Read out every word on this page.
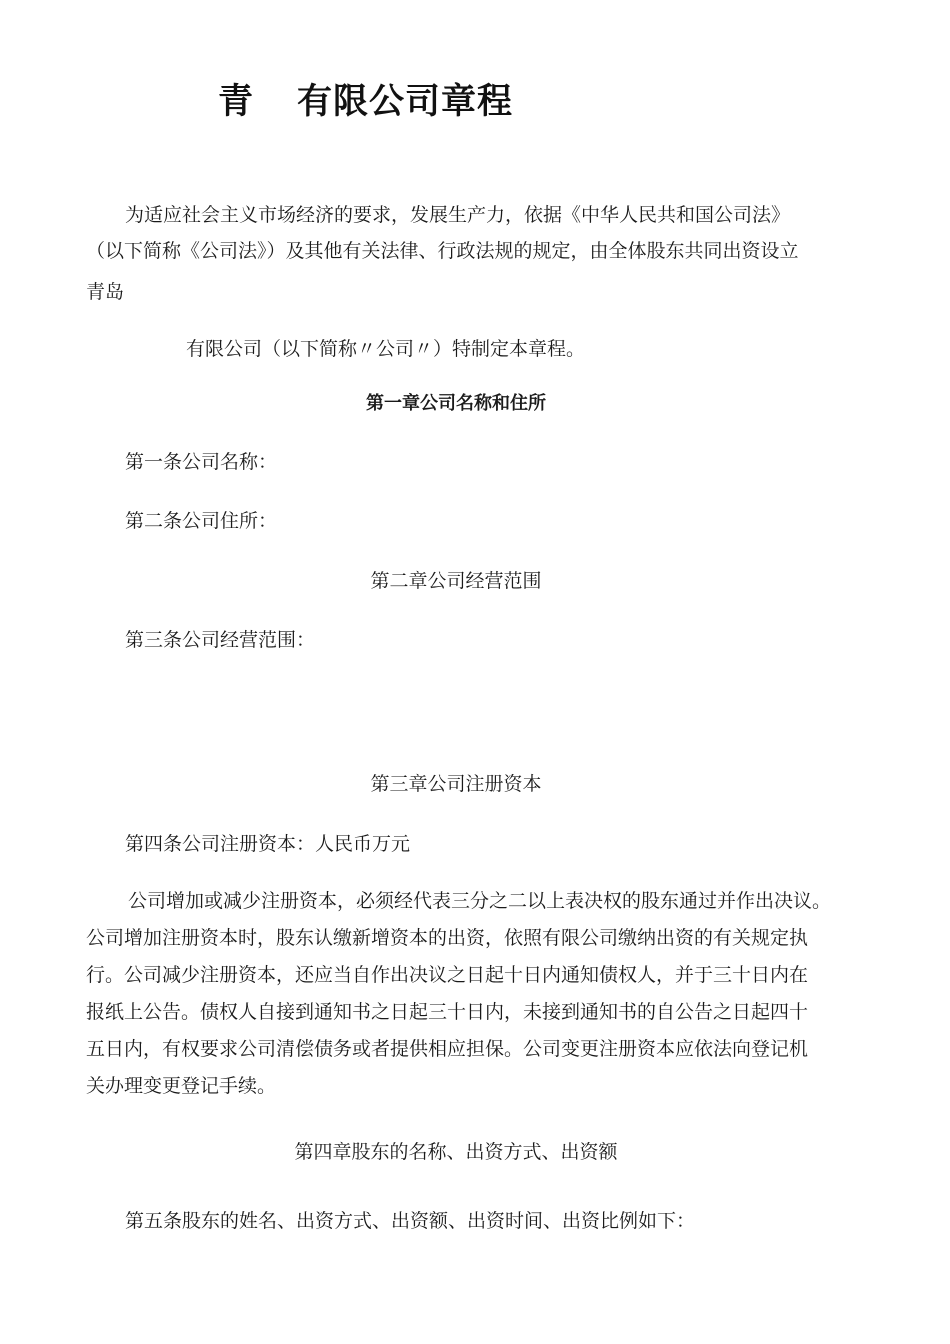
青 有限公司章程
为适应社会主义市场经济的要求，发展生产力，依据《中华人民共和国公司法》
（以下简称《公司法》）及其他有关法律、行政法规的规定，由全体股东共同出资设立
青岛
有限公司（以下简称〃公司〃）特制定本章程。
第一章公司名称和住所
第一条公司名称：
第二条公司住所：
第二章公司经营范围
第三条公司经营范围：
第三章公司注册资本
第四条公司注册资本：人民币万元
公司增加或减少注册资本，必须经代表三分之二以上表决权的股东通过并作出决议。
公司增加注册资本时，股东认缴新增资本的出资，依照有限公司缴纳出资的有关规定执
行。公司减少注册资本，还应当自作出决议之日起十日内通知债权人，并于三十日内在
报纸上公告。债权人自接到通知书之日起三十日内，未接到通知书的自公告之日起四十
五日内，有权要求公司清偿债务或者提供相应担保。公司变更注册资本应依法向登记机
关办理变更登记手续。
第四章股东的名称、出资方式、出资额
第五条股东的姓名、出资方式、出资额、出资时间、出资比例如下：
